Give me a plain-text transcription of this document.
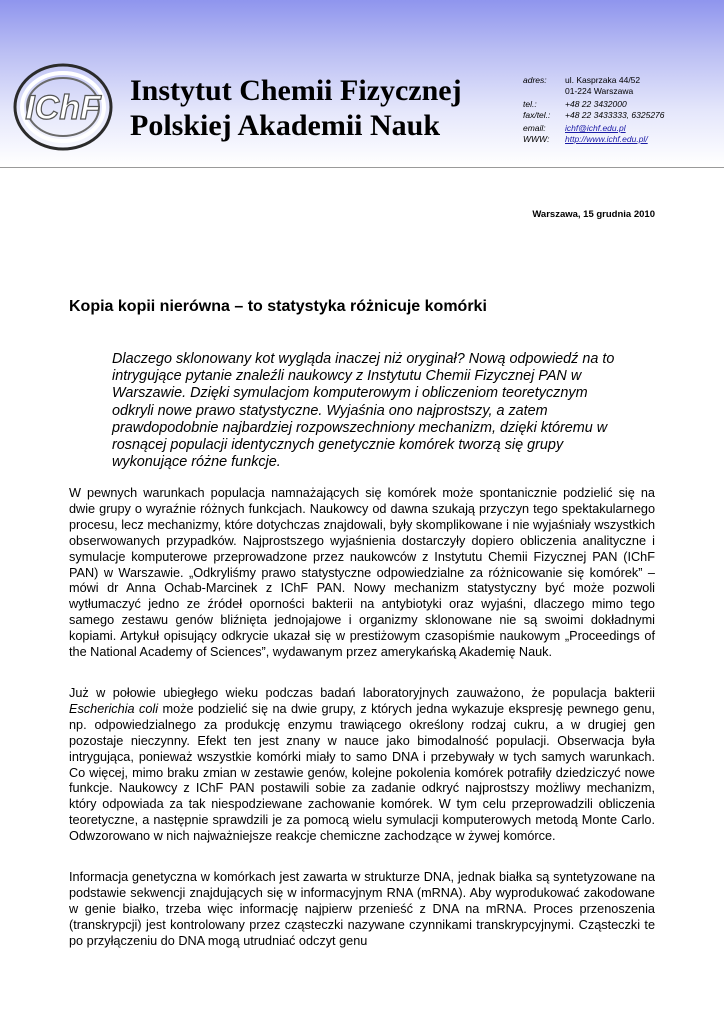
IChF Instytut Chemii Fizycznej
Polskiej Akademii Nauk
adres:	ul. Kasprzaka 44/52
01-224 Warszawa
tel.:	+48 22 3432000
fax/tel.:	+48 22 3433333, 6325276
email:	ichf@ichf.edu.pl
WWW:	http://www.ichf.edu.pl/
Warszawa, 15 grudnia 2010
Kopia kopii nierówna – to statystyka różnicuje komórki
Dlaczego sklonowany kot wygląda inaczej niż oryginał? Nową odpowiedź na to intrygujące pytanie znaleźli naukowcy z Instytutu Chemii Fizycznej PAN w Warszawie. Dzięki symulacjom komputerowym i obliczeniom teoretycznym odkryli nowe prawo statystyczne. Wyjaśnia ono najprostszy, a zatem prawdopodobnie najbardziej rozpowszechniony mechanizm, dzięki któremu w rosnącej populacji identycznych genetycznie komórek tworzą się grupy wykonujące różne funkcje.
W pewnych warunkach populacja namnażających się komórek może spontanicznie podzielić się na dwie grupy o wyraźnie różnych funkcjach. Naukowcy od dawna szukają przyczyn tego spektakularnego procesu, lecz mechanizmy, które dotychczas znajdowali, były skomplikowane i nie wyjaśniały wszystkich obserwowanych przypadków. Najprostszego wyjaśnienia dostarczyły dopiero obliczenia analityczne i symulacje komputerowe przeprowadzone przez naukowców z Instytutu Chemii Fizycznej PAN (IChF PAN) w Warszawie. „Odkryliśmy prawo statystyczne odpowiedzialne za różnicowanie się komórek” – mówi dr Anna Ochab-Marcinek z IChF PAN. Nowy mechanizm statystyczny być może pozwoli wytłumaczyć jedno ze źródeł oporności bakterii na antybiotyki oraz wyjaśni, dlaczego mimo tego samego zestawu genów bliźnięta jednojajowe i organizmy sklonowane nie są swoimi dokładnymi kopiami. Artykuł opisujący odkrycie ukazał się w prestiżowym czasopiśmie naukowym „Proceedings of the National Academy of Sciences”, wydawanym przez amerykańską Akademię Nauk.
Już w połowie ubiegłego wieku podczas badań laboratoryjnych zauważono, że populacja bakterii Escherichia coli może podzielić się na dwie grupy, z których jedna wykazuje ekspresję pewnego genu, np. odpowiedzialnego za produkcję enzymu trawiącego określony rodzaj cukru, a w drugiej gen pozostaje nieczynny. Efekt ten jest znany w nauce jako bimodalność populacji. Obserwacja była intrygująca, ponieważ wszystkie komórki miały to samo DNA i przebywały w tych samych warunkach. Co więcej, mimo braku zmian w zestawie genów, kolejne pokolenia komórek potrafiły dziedziczyć nowe funkcje. Naukowcy z IChF PAN postawili sobie za zadanie odkryć najprostszy możliwy mechanizm, który odpowiada za tak niespodziewane zachowanie komórek. W tym celu przeprowadzili obliczenia teoretyczne, a następnie sprawdzili je za pomocą wielu symulacji komputerowych metodą Monte Carlo. Odwzorowano w nich najważniejsze reakcje chemiczne zachodzące w żywej komórce.
Informacja genetyczna w komórkach jest zawarta w strukturze DNA, jednak białka są syntetyzowane na podstawie sekwencji znajdujących się w informacyjnym RNA (mRNA). Aby wyprodukować zakodowane w genie białko, trzeba więc informację najpierw przenieść z DNA na mRNA. Proces przenoszenia (transkrypcji) jest kontrolowany przez cząsteczki nazywane czynnikami transkrypcyjnymi. Cząsteczki te po przyłączeniu do DNA mogą utrudniać odczyt genu
